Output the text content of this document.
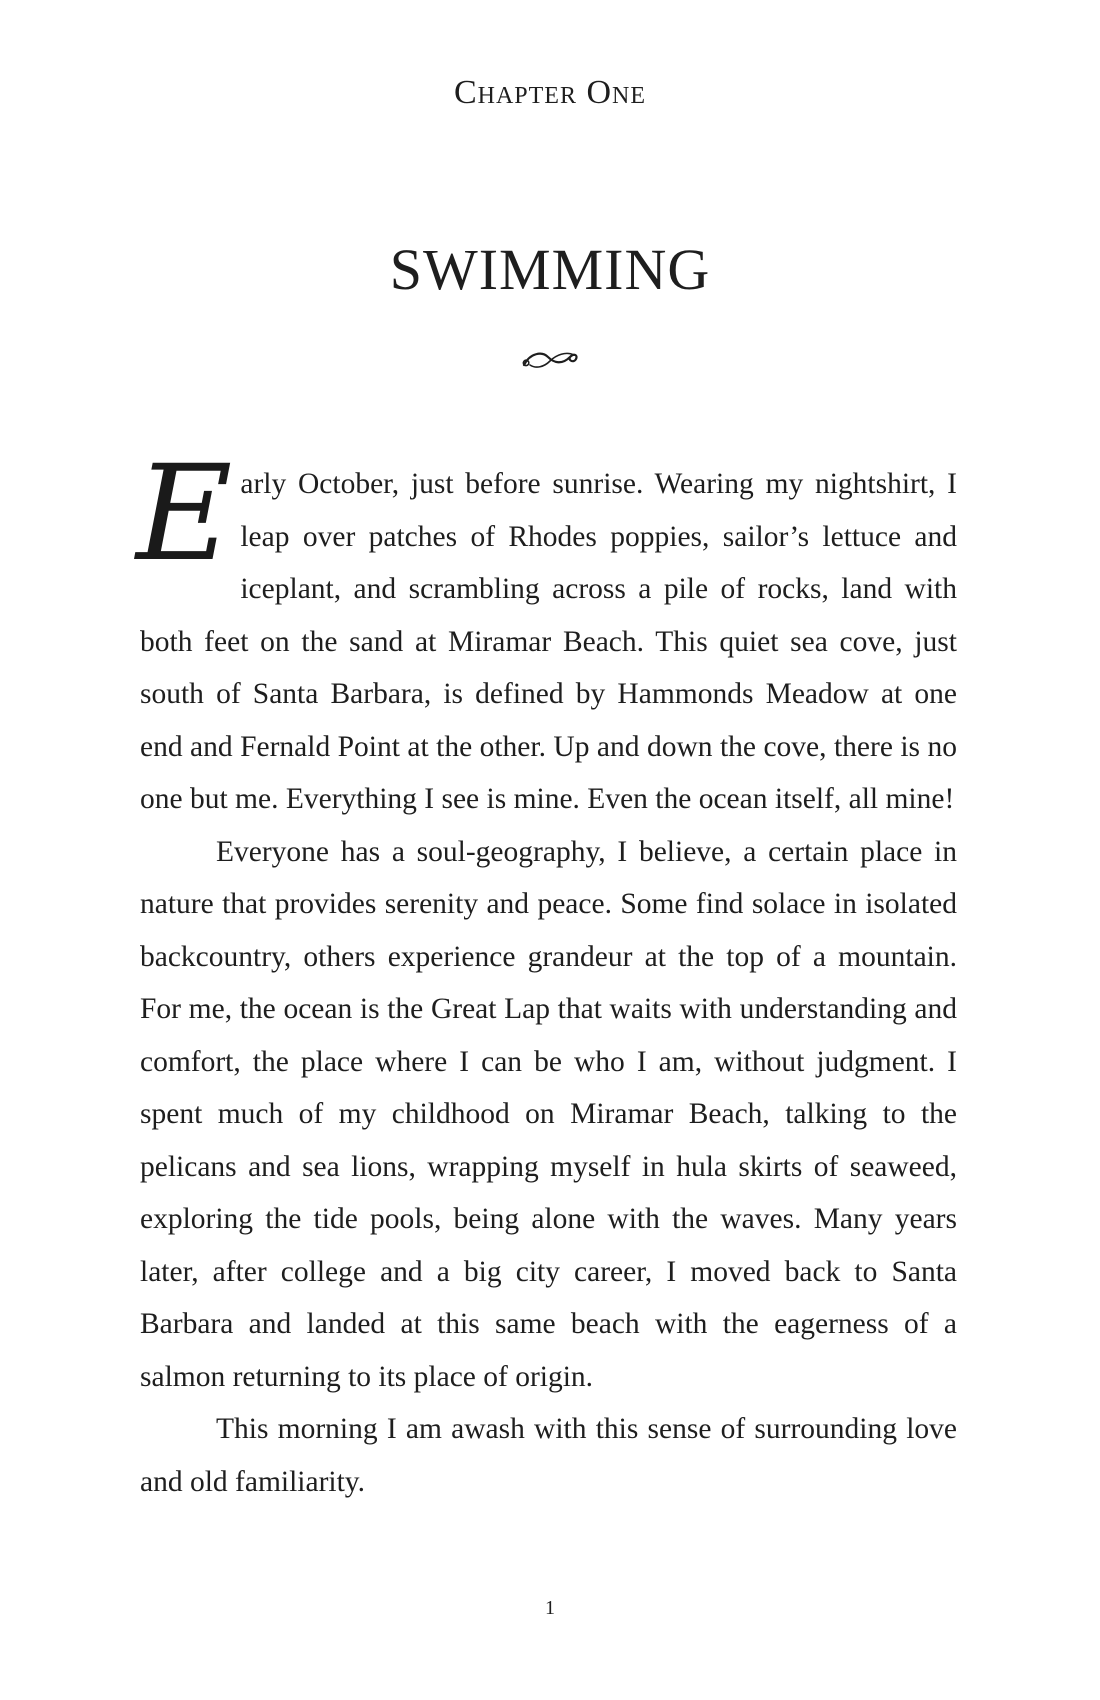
Chapter One
SWIMMING

Early October, just before sunrise. Wearing my nightshirt, I leap over patches of Rhodes poppies, sailor’s lettuce and iceplant, and scrambling across a pile of rocks, land with both feet on the sand at Miramar Beach. This quiet sea cove, just south of Santa Barbara, is defined by Hammonds Meadow at one end and Fernald Point at the other. Up and down the cove, there is no one but me. Everything I see is mine. Even the ocean itself, all mine!

Everyone has a soul-geography, I believe, a certain place in nature that provides serenity and peace. Some find solace in isolated backcountry, others experience grandeur at the top of a mountain. For me, the ocean is the Great Lap that waits with understanding and comfort, the place where I can be who I am, without judgment. I spent much of my childhood on Miramar Beach, talking to the pelicans and sea lions, wrapping myself in hula skirts of seaweed, exploring the tide pools, being alone with the waves. Many years later, after college and a big city career, I moved back to Santa Barbara and landed at this same beach with the eagerness of a salmon returning to its place of origin.

This morning I am awash with this sense of surrounding love and old familiarity.

1
